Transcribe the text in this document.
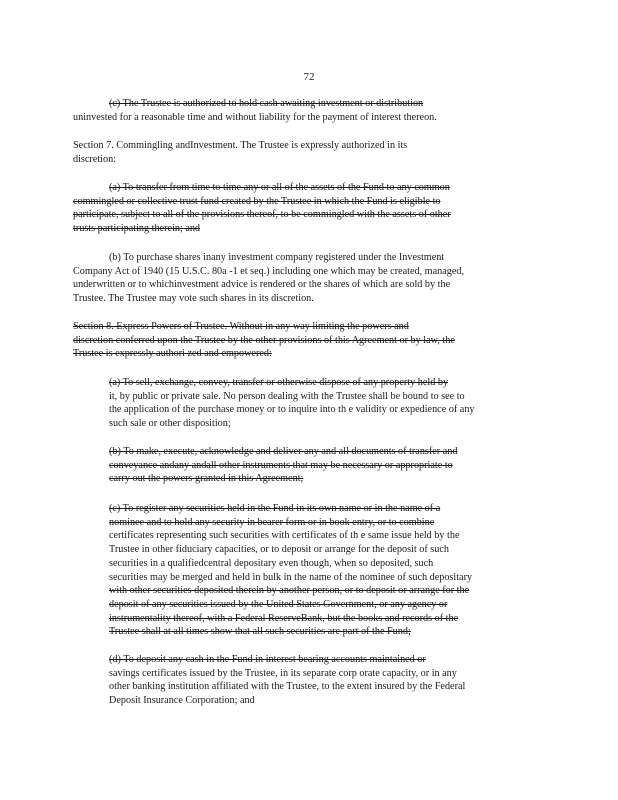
72
(c) The Trustee is authorized to hold cash awaiting investment or distribution
uninvested for a reasonable time and without liability for the payment of interest thereon.
Section 7. Commingling andInvestment. The Trustee is expressly authorized in its
discretion:
(a) To transfer from time to time any or all of the assets of the Fund to any common
commingled or collective trust fund created by the Trustee in which the Fund is eligible to
participate, subject to all of the provisions thereof, to be commingled with the assets of other
trusts participating therein; and
(b) To purchase shares inany investment company registered under the Investment
Company Act of 1940 (15 U.S.C. 80a -1 et seq.) including one which may be created, managed,
underwritten or to whichinvestment advice is rendered or the shares of which are sold by the
Trustee. The Trustee may vote such shares in its discretion.
Section 8. Express Powers of Trustee. Without in any way limiting the powers and
discretion conferred upon the Trustee by the other provisions of this Agreement or by law, the
Trustee is expressly authori zed and empowered:
(a) To sell, exchange, convey, transfer or otherwise dispose of any property held by
it, by public or private sale. No person dealing with the Trustee shall be bound to see to
the application of the purchase money or to inquire into th e validity or expedience of any
such sale or other disposition;
(b) To make, execute, acknowledge and deliver any and all documents of transfer and
conveyance andany andall other instruments that may be necessary or appropriate to
carry out the powers granted in this Agreement;
(c) To register any securities held in the Fund in its own name or in the name of a
nominee and to hold any security in bearer form or in book entry, or to combine
certificates representing such securities with certificates of th e same issue held by the
Trustee in other fiduciary capacities, or to deposit or arrange for the deposit of such
securities in a qualifiedcentral depositary even though, when so deposited, such
securities may be merged and held in bulk in the name of the nominee of such depositary
with other securities deposited therein by another person, or to deposit or arrange for the
deposit of any securities issued by the United States Government, or any agency or
instrumentality thereof, with a Federal ReserveBank, but the books and records of the
Trustee shall at all times show that all such securities are part of the Fund;
(d) To deposit any cash in the Fund in interest bearing accounts maintained or
savings certificates issued by the Trustee, in its separate corp orate capacity, or in any
other banking institution affiliated with the Trustee, to the extent insured by the Federal
Deposit Insurance Corporation; and
